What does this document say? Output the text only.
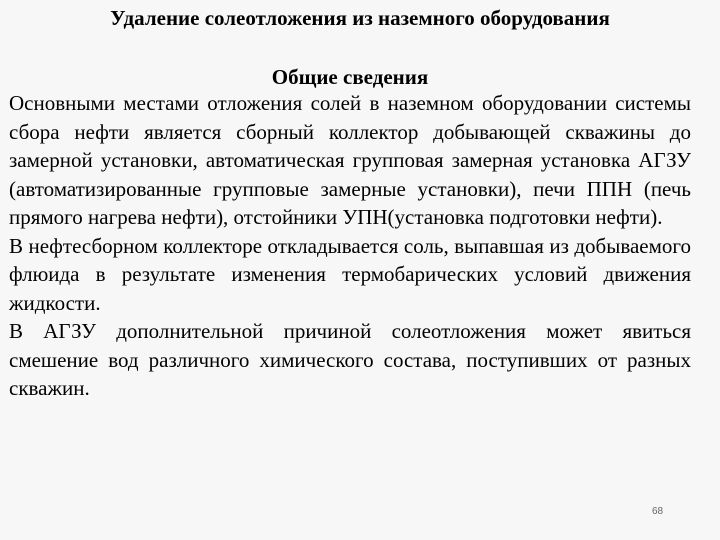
Удаление солеотложения из наземного оборудования
Общие сведения

Основными местами отложения солей в наземном оборудовании системы сбора нефти является сборный коллектор добывающей скважины до замерной установки, автоматическая групповая замерная установка АГЗУ (автоматизированные групповые замерные установки), печи ППН (печь прямого нагрева нефти), отстойники УПН(установка подготовки нефти).

В нефтесборном коллекторе откладывается соль, выпавшая из добываемого флюида в результате изменения термобарических условий движения жидкости.

В АГЗУ дополнительной причиной солеотложения может явиться смешение вод различного химического состава, поступивших от разных скважин.

68
